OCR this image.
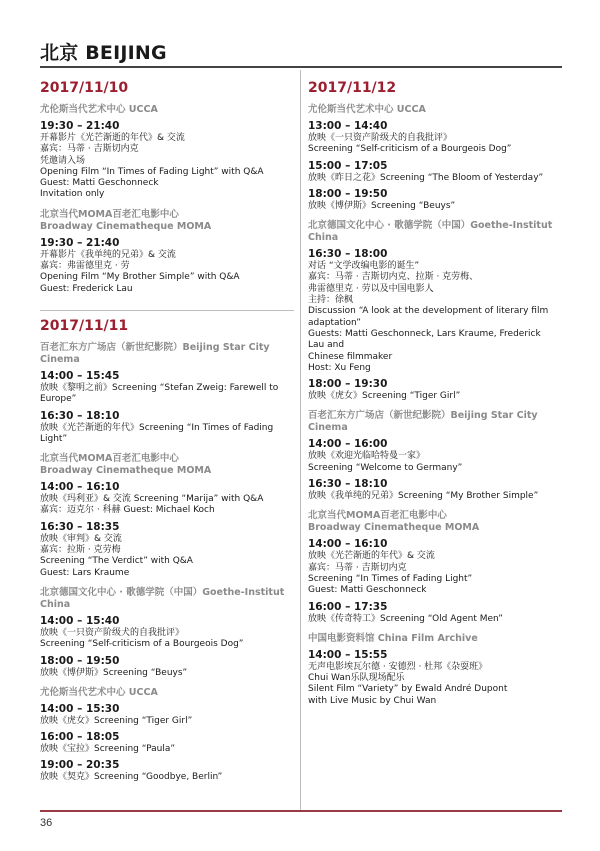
北京 BEIJING
36
2017/11/10
尤伦斯当代艺术中心 UCCA
19:30 – 21:40
开幕影片《光芒渐逝的年代》& 交流
嘉宾：马蒂 · 吉斯切内克
凭邀请入场
Opening Film “In Times of Fading Light” with Q&A
Guest: Matti Geschonneck
Invitation only
北京当代MOMA百老汇电影中心
Broadway Cinematheque MOMA
19:30 – 21:40
开幕影片《我单纯的兄弟》& 交流
嘉宾：弗雷德里克 · 劳
Opening Film “My Brother Simple” with Q&A
Guest: Frederick Lau
2017/11/11
百老汇东方广场店（新世纪影院）Beijing Star City Cinema
14:00 – 15:45
放映《黎明之前》Screening “Stefan Zweig: Farewell to Europe”
16:30 – 18:10
放映《光芒渐逝的年代》Screening “In Times of Fading Light”
北京当代MOMA百老汇电影中心
Broadway Cinematheque MOMA
14:00 – 16:10
放映《玛利亚》& 交流 Screening “Marija” with Q&A
嘉宾：迈克尔 · 科赫 Guest: Michael Koch
16:30 – 18:35
放映《审判》& 交流
嘉宾：拉斯 · 克劳梅
Screening “The Verdict” with Q&A
Guest: Lars Kraume
北京德国文化中心 · 歌德学院（中国）Goethe-Institut China
14:00 – 15:40
放映《一只资产阶级犬的自我批评》
Screening “Self-criticism of a Bourgeois Dog”
18:00 – 19:50
放映《博伊斯》Screening “Beuys”
尤伦斯当代艺术中心 UCCA
14:00 – 15:30
放映《虎女》Screening “Tiger Girl”
16:00 – 18:05
放映《宝拉》Screening “Paula”
19:00 – 20:35
放映《契克》Screening “Goodbye, Berlin”
2017/11/12
尤伦斯当代艺术中心 UCCA
13:00 – 14:40
放映《一只资产阶级犬的自我批评》
Screening “Self-criticism of a Bourgeois Dog”
15:00 – 17:05
放映《昨日之花》Screening “The Bloom of Yesterday”
18:00 – 19:50
放映《博伊斯》Screening “Beuys”
北京德国文化中心 · 歌德学院（中国）Goethe-Institut China
16:30 – 18:00
对话 “文学改编电影的诞生”
嘉宾：马蒂 · 吉斯切内克、拉斯 · 克劳梅、
弗雷德里克 · 劳以及中国电影人
主持：徐枫
Discussion “A look at the development of literary film adaptation”
Guests: Matti Geschonneck, Lars Kraume, Frederick Lau and
Chinese filmmaker
Host: Xu Feng
18:00 – 19:30
放映《虎女》Screening “Tiger Girl”
百老汇东方广场店（新世纪影院）Beijing Star City Cinema
14:00 – 16:00
放映《欢迎光临哈特曼一家》
Screening “Welcome to Germany”
16:30 – 18:10
放映《我单纯的兄弟》Screening “My Brother Simple”
北京当代MOMA百老汇电影中心
Broadway Cinematheque MOMA
14:00 – 16:10
放映《光芒渐逝的年代》& 交流
嘉宾：马蒂 · 吉斯切内克
Screening “In Times of Fading Light”
Guest: Matti Geschonneck
16:00 – 17:35
放映《传奇特工》Screening “Old Agent Men”
中国电影资料馆 China Film Archive
14:00 – 15:55
无声电影埃瓦尔德 · 安德烈 · 杜邦《杂耍班》
Chui Wan乐队现场配乐
Silent Film “Variety” by Ewald André Dupont
with Live Music by Chui Wan
